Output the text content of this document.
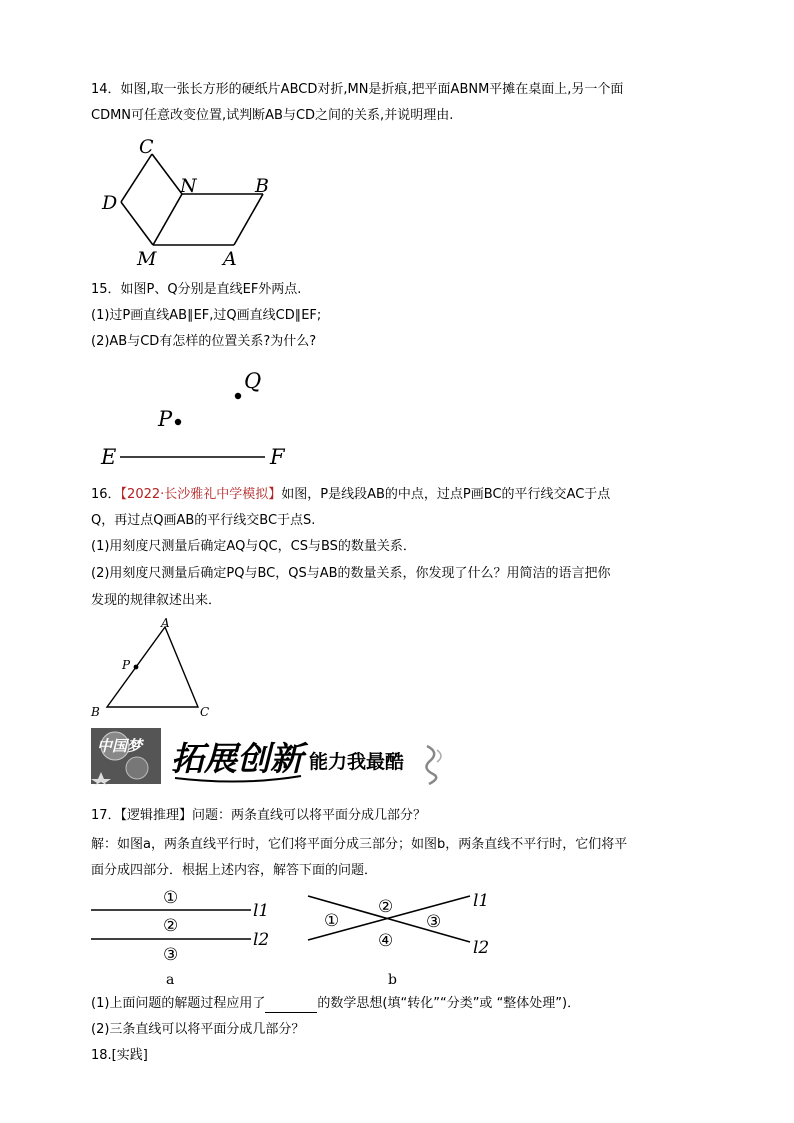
14．如图,取一张长方形的硬纸片ABCD对折,MN是折痕,把平面ABNM平摊在桌面上,另一个面
CDMN可任意改变位置,试判断AB与CD之间的关系,并说明理由.
C
D
N	B
M	A
15．如图P、Q分别是直线EF外两点.
(1)过P画直线AB∥EF,过Q画直线CD∥EF;
(2)AB与CD有怎样的位置关系?为什么?
Q
P
E	F
16．【2022·长沙雅礼中学模拟】如图，P是线段AB的中点，过点P画BC的平行线交AC于点
Q，再过点Q画AB的平行线交BC于点S.
(1)用刻度尺测量后确定AQ与QC，CS与BS的数量关系．
(2)用刻度尺测量后确定PQ与BC，QS与AB的数量关系，你发现了什么？用简洁的语言把你
发现的规律叙述出来．
A
P
B	C
中国梦 拓展创新 能力我最酷
17．【逻辑推理】问题：两条直线可以将平面分成几部分？
解：如图a，两条直线平行时，它们将平面分成三部分；如图b，两条直线不平行时，它们将平
面分成四部分．根据上述内容，解答下面的问题．
①
②
③
l1
l2
a
①
②
③
④
l1
l2
b
(1)上面问题的解题过程应用了	的数学思想(填“转化”“分类”或 “整体处理”)．
(2)三条直线可以将平面分成几部分？
18.[实践]
